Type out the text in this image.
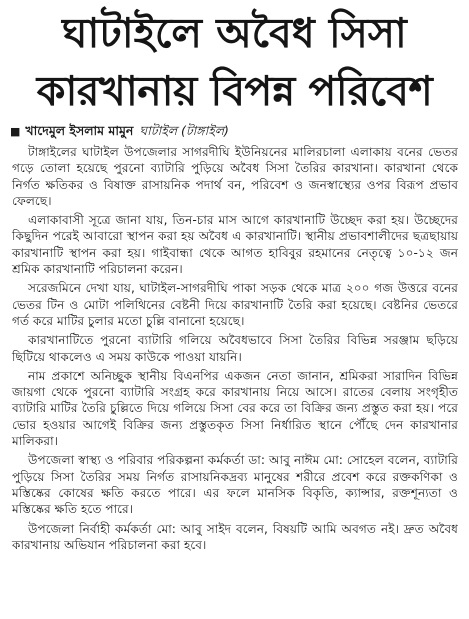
ঘাটাইলে অবৈধ সিসা
কারখানায় বিপন্ন পরিবেশ
■ খাদেমুল ইসলাম মামুন ঘাটাইল (টাঙ্গাইল)

টাঙ্গাইলের ঘাটাইল উপজেলার সাগরদীঘি ইউনিয়নের মালিরচালা এলাকায় বনের ভেতর গড়ে তোলা হয়েছে পুরনো ব্যাটারি পুড়িয়ে অবৈধ সিসা তৈরির কারখানা। কারখানা থেকে নির্গত ক্ষতিকর ও বিষাক্ত রাসায়নিক পদার্থ বন, পরিবেশ ও জনস্বাস্থ্যের ওপর বিরূপ প্রভাব ফেলছে।

এলাকাবাসী সূত্রে জানা যায়, তিন-চার মাস আগে কারখানাটি উচ্ছেদ করা হয়। উচ্ছেদের কিছুদিন পরেই আবারো স্থাপন করা হয় অবৈধ এ কারখানাটি। স্থানীয় প্রভাবশালীদের ছত্রছায়ায় কারখানাটি স্থাপন করা হয়। গাইবান্ধা থেকে আগত হাবিবুর রহমানের নেতৃত্বে ১০-১২ জন শ্রমিক কারখানাটি পরিচালনা করেন।

সরেজমিনে দেখা যায়, ঘাটাইল-সাগরদীঘি পাকা সড়ক থেকে মাত্র ২০০ গজ উত্তরে বনের ভেতর টিন ও মোটা পলিথিনের বেষ্টনী দিয়ে কারখানাটি তৈরি করা হয়েছে। বেষ্টনির ভেতরে গর্ত করে মাটির চুলার মতো চুল্লি বানানো হয়েছে।

কারখানাটিতে পুরনো ব্যাটারি গলিয়ে অবৈধভাবে সিসা তৈরির বিভিন্ন সরঞ্জাম ছড়িয়ে ছিটিয়ে থাকলেও এ সময় কাউকে পাওয়া যায়নি।

নাম প্রকাশে অনিচ্ছুক স্থানীয় বিএনপির একজন নেতা জানান, শ্রমিকরা সারাদিন বিভিন্ন জায়গা থেকে পুরনো ব্যাটারি সংগ্রহ করে কারখানায় নিয়ে আসে। রাতের বেলায় সংগৃহীত ব্যাটারি মাটির তৈরি চুল্লিতে দিয়ে গলিয়ে সিসা বের করে তা বিক্রির জন্য প্রস্তুত করা হয়। পরে ভোর হওয়ার আগেই বিক্রির জন্য প্রস্তুতকৃত সিসা নির্ধারিত স্থানে পৌঁছে দেন কারখানার মালিকরা।

উপজেলা স্বাস্থ্য ও পরিবার পরিকল্পনা কর্মকর্তা ডা: আবু নাঈম মো: সোহেল বলেন, ব্যাটারি পুড়িয়ে সিসা তৈরির সময় নির্গত রাসায়নিকদ্রব্য মানুষের শরীরে প্রবেশ করে রক্তকণিকা ও মস্তিষ্কের কোষের ক্ষতি করতে পারে। এর ফলে মানসিক বিকৃতি, ক্যান্সার, রক্তশূন্যতা ও মস্তিষ্কের ক্ষতি হতে পারে।

উপজেলা নির্বাহী কর্মকর্তা মো: আবু সাইদ বলেন, বিষয়টি আমি অবগত নই। দ্রুত অবৈধ কারখানায় অভিযান পরিচালনা করা হবে।
